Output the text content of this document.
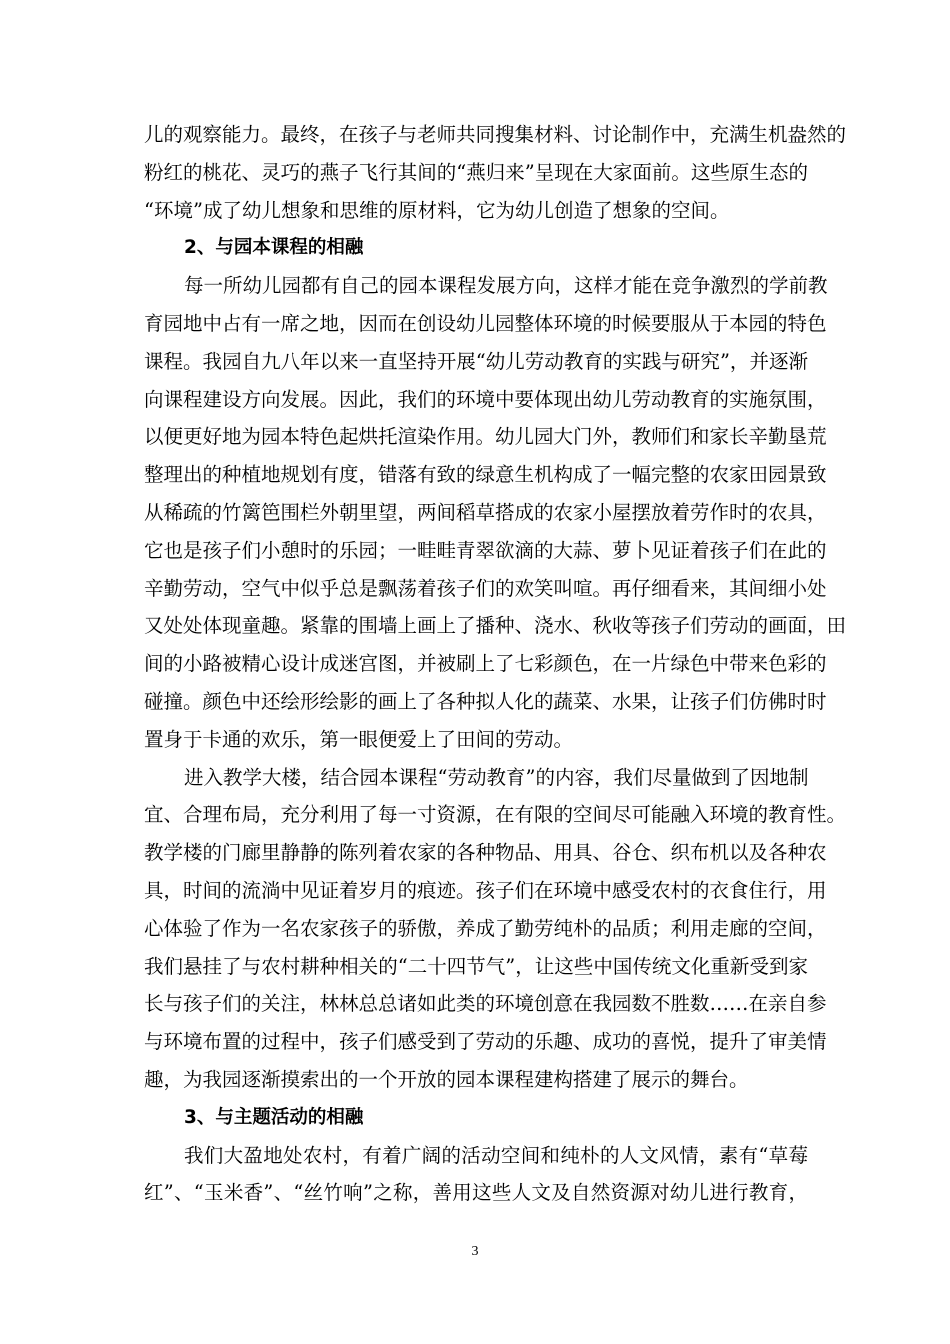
儿的观察能力。最终，在孩子与老师共同搜集材料、讨论制作中，充满生机盎然的
粉红的桃花、灵巧的燕子飞行其间的“燕归来”呈现在大家面前。这些原生态的
“环境”成了幼儿想象和思维的原材料，它为幼儿创造了想象的空间。
2、与园本课程的相融
每一所幼儿园都有自己的园本课程发展方向，这样才能在竞争激烈的学前教
育园地中占有一席之地，因而在创设幼儿园整体环境的时候要服从于本园的特色
课程。我园自九八年以来一直坚持开展“幼儿劳动教育的实践与研究”，并逐渐
向课程建设方向发展。因此，我们的环境中要体现出幼儿劳动教育的实施氛围，
以便更好地为园本特色起烘托渲染作用。幼儿园大门外，教师们和家长辛勤垦荒
整理出的种植地规划有度，错落有致的绿意生机构成了一幅完整的农家田园景致
从稀疏的竹篱笆围栏外朝里望，两间稻草搭成的农家小屋摆放着劳作时的农具，
它也是孩子们小憩时的乐园；一畦畦青翠欲滴的大蒜、萝卜见证着孩子们在此的
辛勤劳动，空气中似乎总是飘荡着孩子们的欢笑叫喧。再仔细看来，其间细小处
又处处体现童趣。紧靠的围墙上画上了播种、浇水、秋收等孩子们劳动的画面，田
间的小路被精心设计成迷宫图，并被刷上了七彩颜色，在一片绿色中带来色彩的
碰撞。颜色中还绘形绘影的画上了各种拟人化的蔬菜、水果，让孩子们仿佛时时
置身于卡通的欢乐，第一眼便爱上了田间的劳动。
进入教学大楼，结合园本课程“劳动教育”的内容，我们尽量做到了因地制
宜、合理布局，充分利用了每一寸资源，在有限的空间尽可能融入环境的教育性。
教学楼的门廊里静静的陈列着农家的各种物品、用具、谷仓、织布机以及各种农
具，时间的流淌中见证着岁月的痕迹。孩子们在环境中感受农村的衣食住行，用
心体验了作为一名农家孩子的骄傲，养成了勤劳纯朴的品质；利用走廊的空间，
我们悬挂了与农村耕种相关的“二十四节气”，让这些中国传统文化重新受到家
长与孩子们的关注，林林总总诸如此类的环境创意在我园数不胜数……在亲自参
与环境布置的过程中，孩子们感受到了劳动的乐趣、成功的喜悦，提升了审美情
趣，为我园逐渐摸索出的一个开放的园本课程建构搭建了展示的舞台。
3、与主题活动的相融
我们大盈地处农村，有着广阔的活动空间和纯朴的人文风情，素有“草莓
红”、“玉米香”、“丝竹响”之称，善用这些人文及自然资源对幼儿进行教育，
3
